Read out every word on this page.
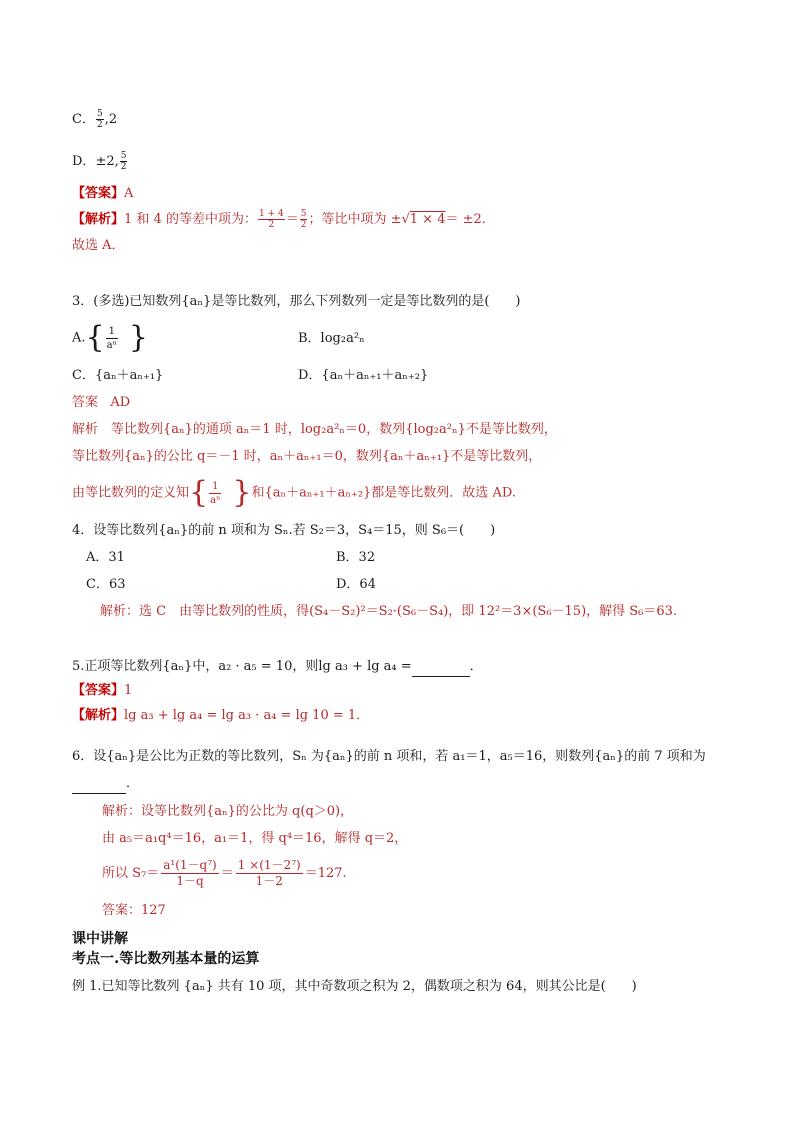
C． $\frac{5}{2} ,2$
D．±2, $\frac{5}{2}$
【答案】A
【解析】1 和 4 的等差中项为： $\frac{1 + 4}{2} = \frac{5}{2}$ ；等比中项为 ±√1 × 4＝ ±2．
故选 A．
3．(多选)已知数列{aₙ}是等比数列，那么下列数列一定是等比数列的是(　　)
$A.\{ \frac{1}{\text{aⁿ}}$ }	B．log₂a²ₙ
C．{aₙ＋aₙ₊₁}	D．{aₙ＋aₙ₊₁＋aₙ₊₂}
答案 AD
解析　等比数列{aₙ}的通项 aₙ＝1 时，log₂a²ₙ＝0，数列{log₂a²ₙ}不是等比数列，
等比数列{aₙ}的公比 q＝－1 时，aₙ＋aₙ₊₁＝0，数列{aₙ＋aₙ₊₁}不是等比数列，
由等比数列的定义知{ $\frac{1}{\text{aⁿ}}$ }和{aₙ＋aₙ₊₁＋aₙ₊₂}都是等比数列．故选 AD.
4．设等比数列{aₙ}的前 n 项和为 Sₙ.若 S₂＝3，S₄＝15，则 S₆＝(　　)
A．31	B．32
C．63	D．64
解析：选 C　由等比数列的性质，得(S₄－S₂)²＝S₂·(S₆－S₄)，即 12²＝3×(S₆－15)，解得 S₆＝63.
5.正项等比数列{aₙ}中，a₂ · a₅ = 10，则lg a₃ + lg a₄ =	．
【答案】1
【解析】lg a₃ + lg a₄ = lg a₃ · a₄ = lg 10 = 1．
6．设{aₙ}是公比为正数的等比数列，Sₙ 为{aₙ}的前 n 项和，若 a₁＝1，a₅＝16，则数列{aₙ}的前 7 项和为
．
解析：设等比数列{aₙ}的公比为 q(q＞0)，
由 a₅＝a₁q⁴＝16，a₁＝1，得 q⁴＝16，解得 q＝2，
所以 $S_7= \frac{\text{a¹(1－q⁷)}}{1-q} = \frac{\text{1 ×(1－2⁷)}}{1-2} =127$.
答案：127
课中讲解
考点一.等比数列基本量的运算
例 1.已知等比数列 {aₙ} 共有 10 项，其中奇数项之积为 2，偶数项之积为 64，则其公比是(　　)
